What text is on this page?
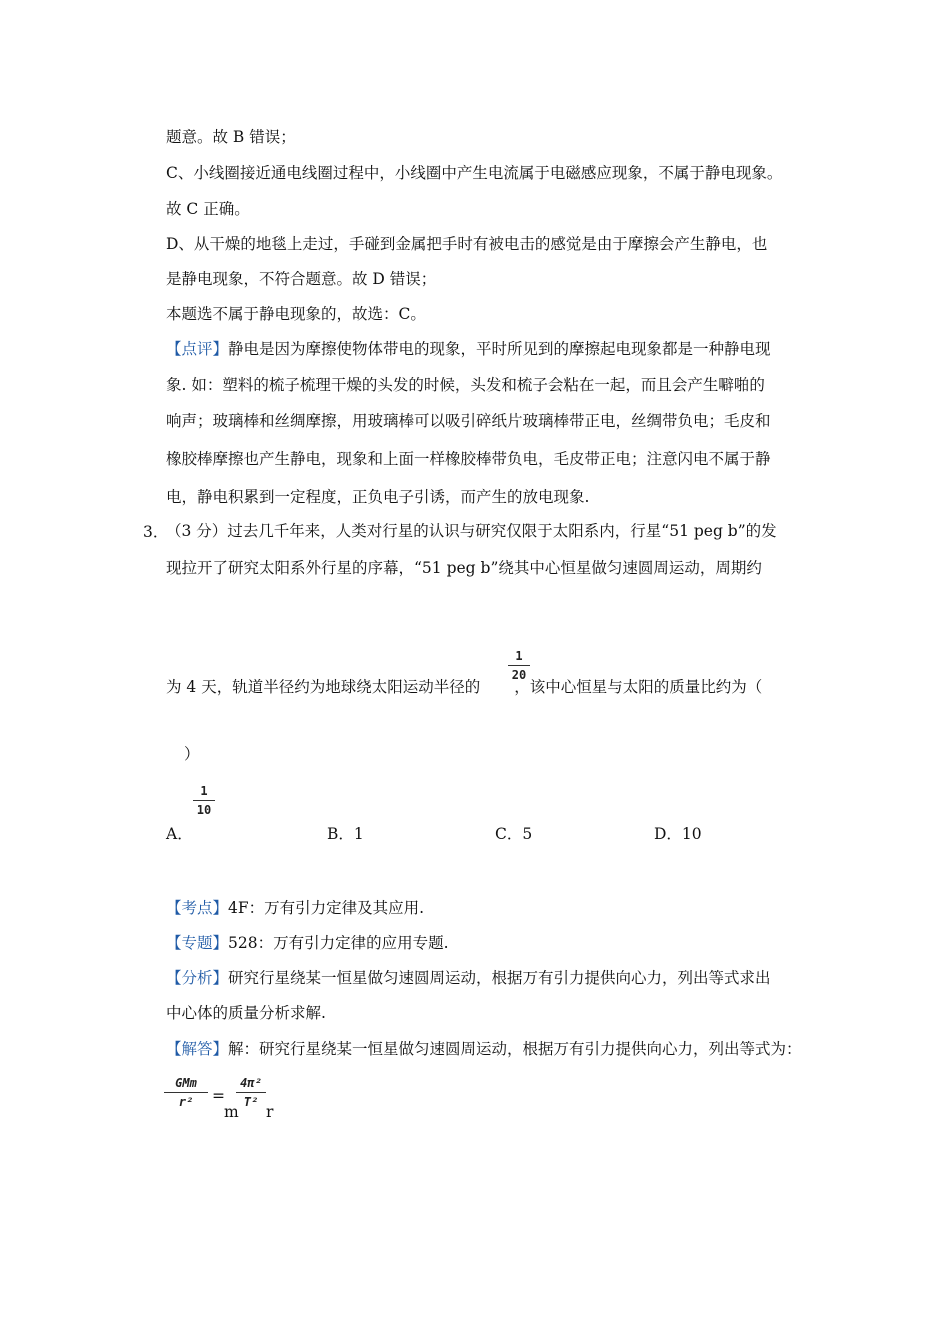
题意。故 B 错误；
C、小线圈接近通电线圈过程中，小线圈中产生电流属于电磁感应现象，不属于静电现象。
故 C 正确。
D、从干燥的地毯上走过，手碰到金属把手时有被电击的感觉是由于摩擦会产生静电，也
是静电现象，不符合题意。故 D 错误；
本题选不属于静电现象的，故选：C。
【点评】静电是因为摩擦使物体带电的现象，平时所见到的摩擦起电现象都是一种静电现
象. 如：塑料的梳子梳理干燥的头发的时候，头发和梳子会粘在一起，而且会产生噼啪的
响声；玻璃棒和丝绸摩擦，用玻璃棒可以吸引碎纸片玻璃棒带正电，丝绸带负电；毛皮和
橡胶棒摩擦也产生静电，现象和上面一样橡胶棒带负电，毛皮带正电；注意闪电不属于静
电，静电积累到一定程度，正负电子引诱，而产生的放电现象.
3．
（3 分）过去几千年来，人类对行星的认识与研究仅限于太阳系内，行星“51 peg b”的发
现拉开了研究太阳系外行星的序幕，“51 peg b”绕其中心恒星做匀速圆周运动，周期约
为 4 天，轨道半径约为地球绕太阳运动半径的 ，该中心恒星与太阳的质量比约为（
1
20
）
1
10
A．	B．1	C．5	D．10
【考点】4F：万有引力定律及其应用.
【专题】528：万有引力定律的应用专题.
【分析】研究行星绕某一恒星做匀速圆周运动，根据万有引力提供向心力，列出等式求出
中心体的质量分析求解.
【解答】解：研究行星绕某一恒星做匀速圆周运动，根据万有引力提供向心力，列出等式为：
GMm
r²	=
m
4π²
T²
r
